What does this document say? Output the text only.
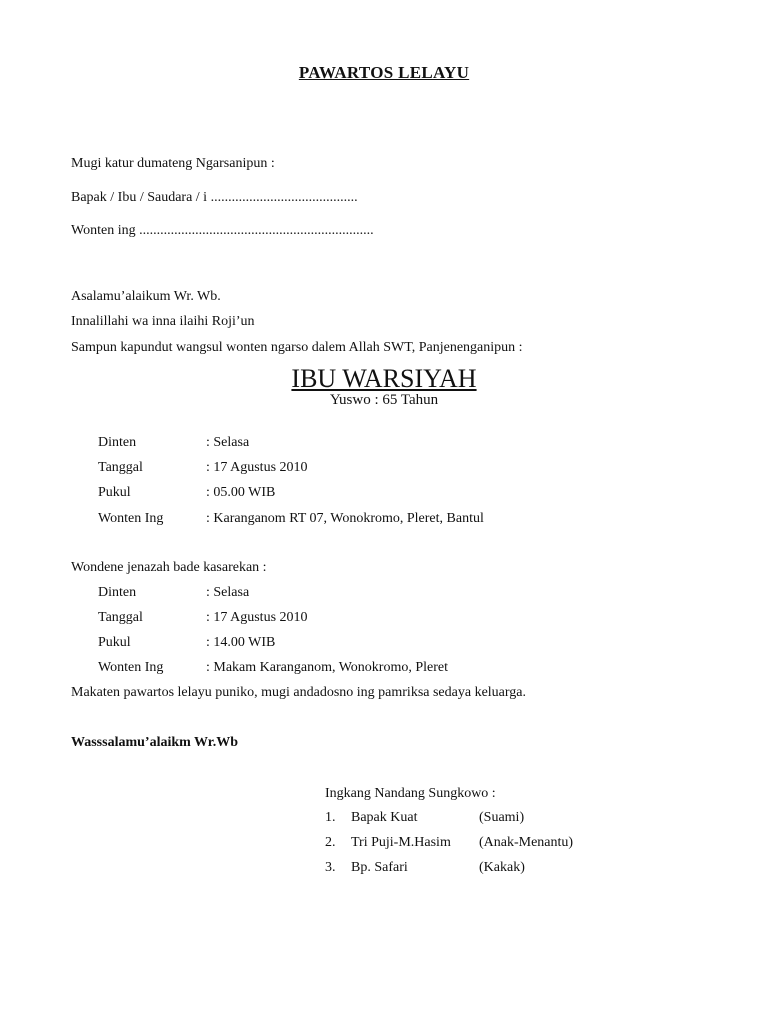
PAWARTOS LELAYU
Mugi katur dumateng Ngarsanipun :
Bapak / Ibu / Saudara / i ..........................................
Wonten ing ...................................................................
Asalamu’alaikum Wr. Wb.
Innalillahi wa inna ilaihi Roji’un
Sampun kapundut wangsul wonten ngarso dalem Allah SWT, Panjenenganipun :
IBU WARSIYAH
Yuswo : 65 Tahun
Dinten	: Selasa
Tanggal	: 17 Agustus 2010
Pukul	: 05.00 WIB
Wonten Ing	: Karanganom RT 07, Wonokromo, Pleret, Bantul
Wondene jenazah bade kasarekan :
Dinten	: Selasa
Tanggal	: 17 Agustus 2010
Pukul	: 14.00 WIB
Wonten Ing	: Makam Karanganom, Wonokromo, Pleret
Makaten pawartos lelayu puniko, mugi andadosno ing pamriksa sedaya keluarga.
Wasssalamu’alaikm Wr.Wb
Ingkang Nandang Sungkowo :
1. Bapak Kuat	(Suami)
2. Tri Puji-M.Hasim (Anak-Menantu)
3. Bp. Safari	(Kakak)
